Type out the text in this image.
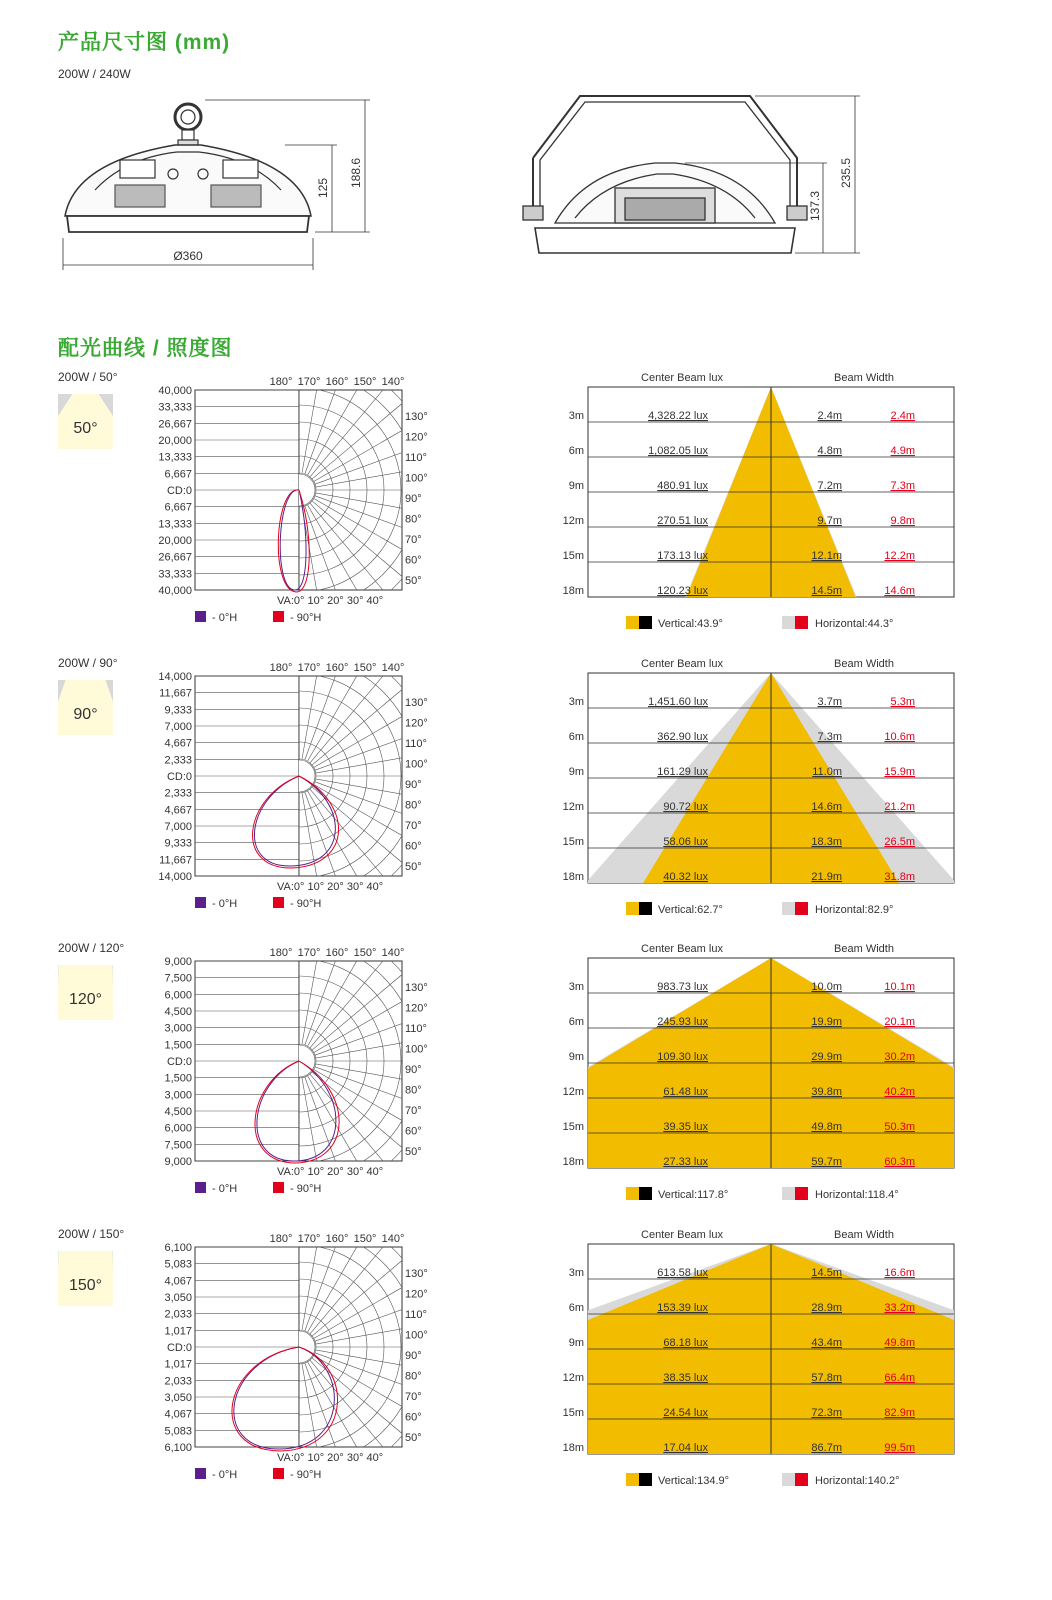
产品尺寸图 (mm)
200W / 240W
Ø360
188.6
125	235.5
137.3
配光曲线 / 照度图
200W / 50°
50°
40,000
33,333
26,667
20,000
13,333
6,667
CD:0
6,667
13,333
20,000
26,667
33,333
40,000
180° 170° 160° 150° 140°
130°
120°
110°
100°
90°
80°
70°
60°
50°
VA:0° 10° 20° 30° 40°
- 0°H	- 90°H
Center Beam lux	Beam Width
3m	4,328.22 lux	2.4m	2.4m
6m	1,082.05 lux	4.8m	4.9m
9m	480.91 lux	7.2m	7.3m
12m	270.51 lux	9.7m	9.8m
15m	173.13 lux	12.1m	12.2m
18m	120.23 lux	14.5m	14.6m
Vertical:43.9°	Horizontal:44.3°
200W / 90°
90°
14,000
11,667
9,333
7,000
4,667
2,333
CD:0
2,333
4,667
7,000
9,333
11,667
14,000
180° 170° 160° 150° 140°
130°
120°
110°
100°
90°
80°
70°
60°
50°
VA:0° 10° 20° 30° 40°
- 0°H	- 90°H
Center Beam lux	Beam Width
3m	1,451.60 lux	3.7m	5.3m
6m	362.90 lux	7.3m	10.6m
9m	161.29 lux	11.0m	15.9m
12m	90.72 lux	14.6m	21.2m
15m	58.06 lux	18.3m	26.5m
18m	40.32 lux	21.9m	31.8m
Vertical:62.7°	Horizontal:82.9°
200W / 120°
120°
9,000
7,500
6,000
4,500
3,000
1,500
CD:0
1,500
3,000
4,500
6,000
7,500
9,000
180° 170° 160° 150° 140°
130°
120°
110°
100°
90°
80°
70°
60°
50°
VA:0° 10° 20° 30° 40°
- 0°H	- 90°H
Center Beam lux	Beam Width
3m	983.73 lux	10.0m	10.1m
6m	245.93 lux	19.9m	20.1m
9m	109.30 lux	29.9m	30.2m
12m	61.48 lux	39.8m	40.2m
15m	39.35 lux	49.8m	50.3m
18m	27.33 lux	59.7m	60.3m
Vertical:117.8°	Horizontal:118.4°
200W / 150°
150°
6,100
5,083
4,067
3,050
2,033
1,017
CD:0
1,017
2,033
3,050
4,067
5,083
6,100
180° 170° 160° 150° 140°
130°
120°
110°
100°
90°
80°
70°
60°
50°
VA:0° 10° 20° 30° 40°
- 0°H	- 90°H
Center Beam lux	Beam Width
3m	613.58 lux	14.5m	16.6m
6m	153.39 lux	28.9m	33.2m
9m	68.18 lux	43.4m	49.8m
12m	38.35 lux	57.8m	66.4m
15m	24.54 lux	72.3m	82.9m
18m	17.04 lux	86.7m	99.5m
Vertical:134.9°	Horizontal:140.2°
